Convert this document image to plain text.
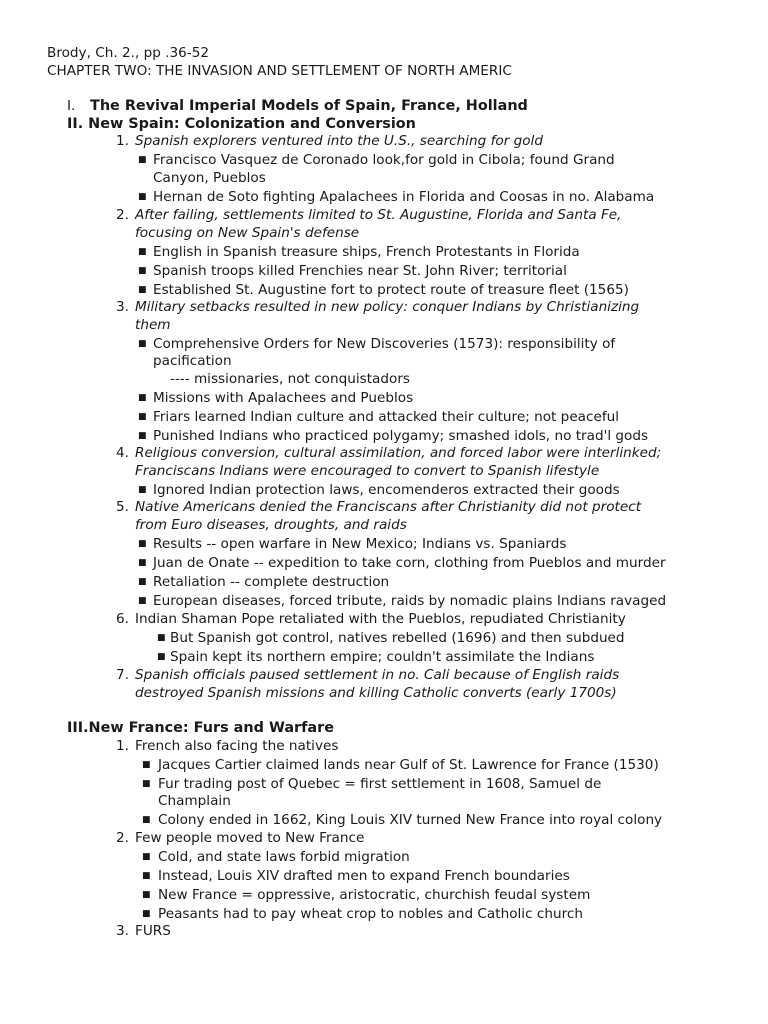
Brody, Ch. 2., pp .36-52
CHAPTER TWO: THE INVASION AND SETTLEMENT OF NORTH AMERIC
I. The Revival Imperial Models of Spain, France, Holland
II. New Spain: Colonization and Conversion
1. Spanish explorers ventured into the U.S., searching for gold
■ Francisco Vasquez de Coronado look,for gold in Cibola; found Grand
Canyon, Pueblos
■ Hernan de Soto fighting Apalachees in Florida and Coosas in no. Alabama
2. After failing, settlements limited to St. Augustine, Florida and Santa Fe,
focusing on New Spain's defense
■ English in Spanish treasure ships, French Protestants in Florida
■ Spanish troops killed Frenchies near St. John River; territorial
■ Established St. Augustine fort to protect route of treasure fleet (1565)
3. Military setbacks resulted in new policy: conquer Indians by Christianizing
them
■ Comprehensive Orders for New Discoveries (1573): responsibility of
pacification
---- missionaries, not conquistadors
■ Missions with Apalachees and Pueblos
■ Friars learned Indian culture and attacked their culture; not peaceful
■ Punished Indians who practiced polygamy; smashed idols, no trad'l gods
4. Religious conversion, cultural assimilation, and forced labor were interlinked;
Franciscans Indians were encouraged to convert to Spanish lifestyle
■ Ignored Indian protection laws, encomenderos extracted their goods
5. Native Americans denied the Franciscans after Christianity did not protect
from Euro diseases, droughts, and raids
■ Results -- open warfare in New Mexico; Indians vs. Spaniards
■ Juan de Onate -- expedition to take corn, clothing from Pueblos and murder
■ Retaliation -- complete destruction
■ European diseases, forced tribute, raids by nomadic plains Indians ravaged
6. Indian Shaman Pope retaliated with the Pueblos, repudiated Christianity
■ But Spanish got control, natives rebelled (1696) and then subdued
■ Spain kept its northern empire; couldn't assimilate the Indians
7. Spanish officials paused settlement in no. Cali because of English raids
destroyed Spanish missions and killing Catholic converts (early 1700s)
III.New France: Furs and Warfare
1. French also facing the natives
■ Jacques Cartier claimed lands near Gulf of St. Lawrence for France (1530)
■ Fur trading post of Quebec = first settlement in 1608, Samuel de
Champlain
■ Colony ended in 1662, King Louis XIV turned New France into royal colony
2. Few people moved to New France
■ Cold, and state laws forbid migration
■ Instead, Louis XIV drafted men to expand French boundaries
■ New France = oppressive, aristocratic, churchish feudal system
■ Peasants had to pay wheat crop to nobles and Catholic church
3. FURS
